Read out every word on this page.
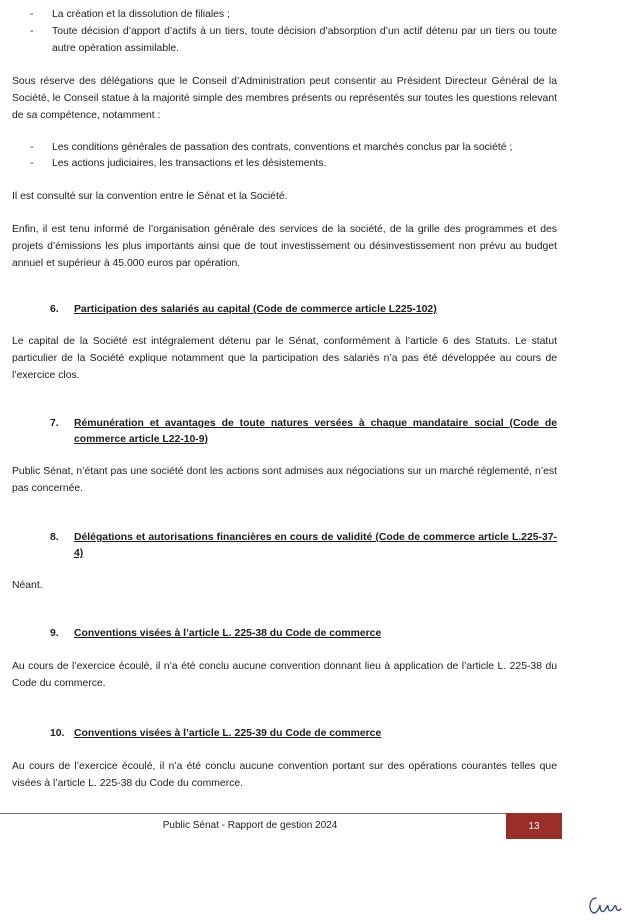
- La création et la dissolution de filiales ;
- Toute décision d’apport d’actifs à un tiers, toute décision d’absorption d’un actif détenu par un tiers ou toute autre opération assimilable.

Sous réserve des délégations que le Conseil d’Administration peut consentir au Président Directeur Général de la Société, le Conseil statue à la majorité simple des membres présents ou représentés sur toutes les questions relevant de sa compétence, notamment :

- Les conditions générales de passation des contrats, conventions et marchés conclus par la société ;
- Les actions judiciaires, les transactions et les désistements.

Il est consulté sur la convention entre le Sénat et la Société.

Enfin, il est tenu informé de l’organisation générale des services de la société, de la grille des programmes et des projets d’émissions les plus importants ainsi que de tout investissement ou désinvestissement non prévu au budget annuel et supérieur à 45.000 euros par opération.

6. Participation des salariés au capital (Code de commerce article L225-102)

Le capital de la Société est intégralement détenu par le Sénat, conformément à l’article 6 des Statuts. Le statut particulier de la Société explique notamment que la participation des salariés n’a pas été développée au cours de l’exercice clos.

7. Rémunération et avantages de toute natures versées à chaque mandataire social (Code de commerce article L22-10-9)

Public Sénat, n’étant pas une société dont les actions sont admises aux négociations sur un marché réglementé, n’est pas concernée.

8. Délégations et autorisations financières en cours de validité (Code de commerce article L.225-37-4)

Néant.

9. Conventions visées à l’article L. 225-38 du Code de commerce

Au cours de l’exercice écoulé, il n’a été conclu aucune convention donnant lieu à application de l’article L. 225-38 du Code du commerce.

10. Conventions visées à l’article L. 225-39 du Code de commerce

Au cours de l’exercice écoulé, il n’a été conclu aucune convention portant sur des opérations courantes telles que visées à l’article L. 225-38 du Code du commerce.

Public Sénat - Rapport de gestion 2024	13
